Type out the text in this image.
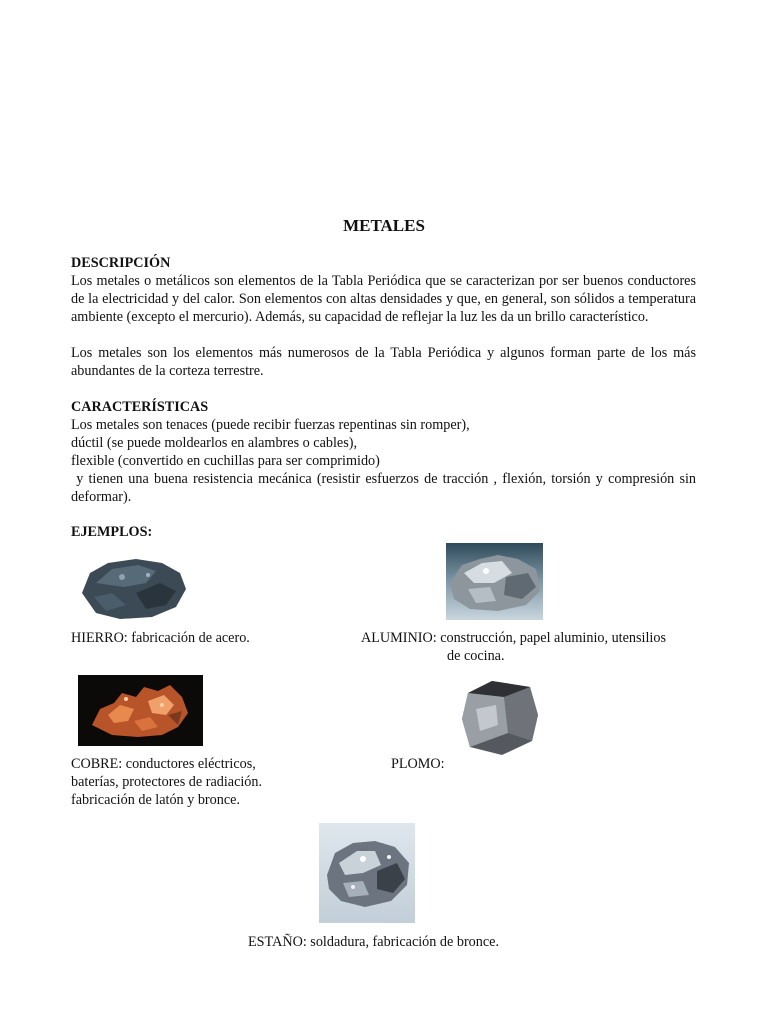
METALES
DESCRIPCIÓN

Los metales o metálicos son elementos de la Tabla Periódica que se caracterizan por ser buenos conductores de la electricidad y del calor. Son elementos con altas densidades y que, en general, son sólidos a temperatura ambiente (excepto el mercurio). Además, su capacidad de reflejar la luz les da un brillo característico.

Los metales son los elementos más numerosos de la Tabla Periódica y algunos forman parte de los más abundantes de la corteza terrestre.

CARACTERÍSTICAS
Los metales son tenaces (puede recibir fuerzas repentinas sin romper),
dúctil (se puede moldearlos en alambres o cables),
flexible (convertido en cuchillas para ser comprimido)

y tienen una buena resistencia mecánica (resistir esfuerzos de tracción , flexión, torsión y compresión sin deformar).

EJEMPLOS:
HIERRO: fabricación de acero.	ALUMINIO: construcción, papel aluminio, utensilios
de cocina.
COBRE: conductores eléctricos,
baterías, protectores de radiación.
fabricación de latón y bronce.
PLOMO:
ESTAÑO: soldadura, fabricación de bronce.
